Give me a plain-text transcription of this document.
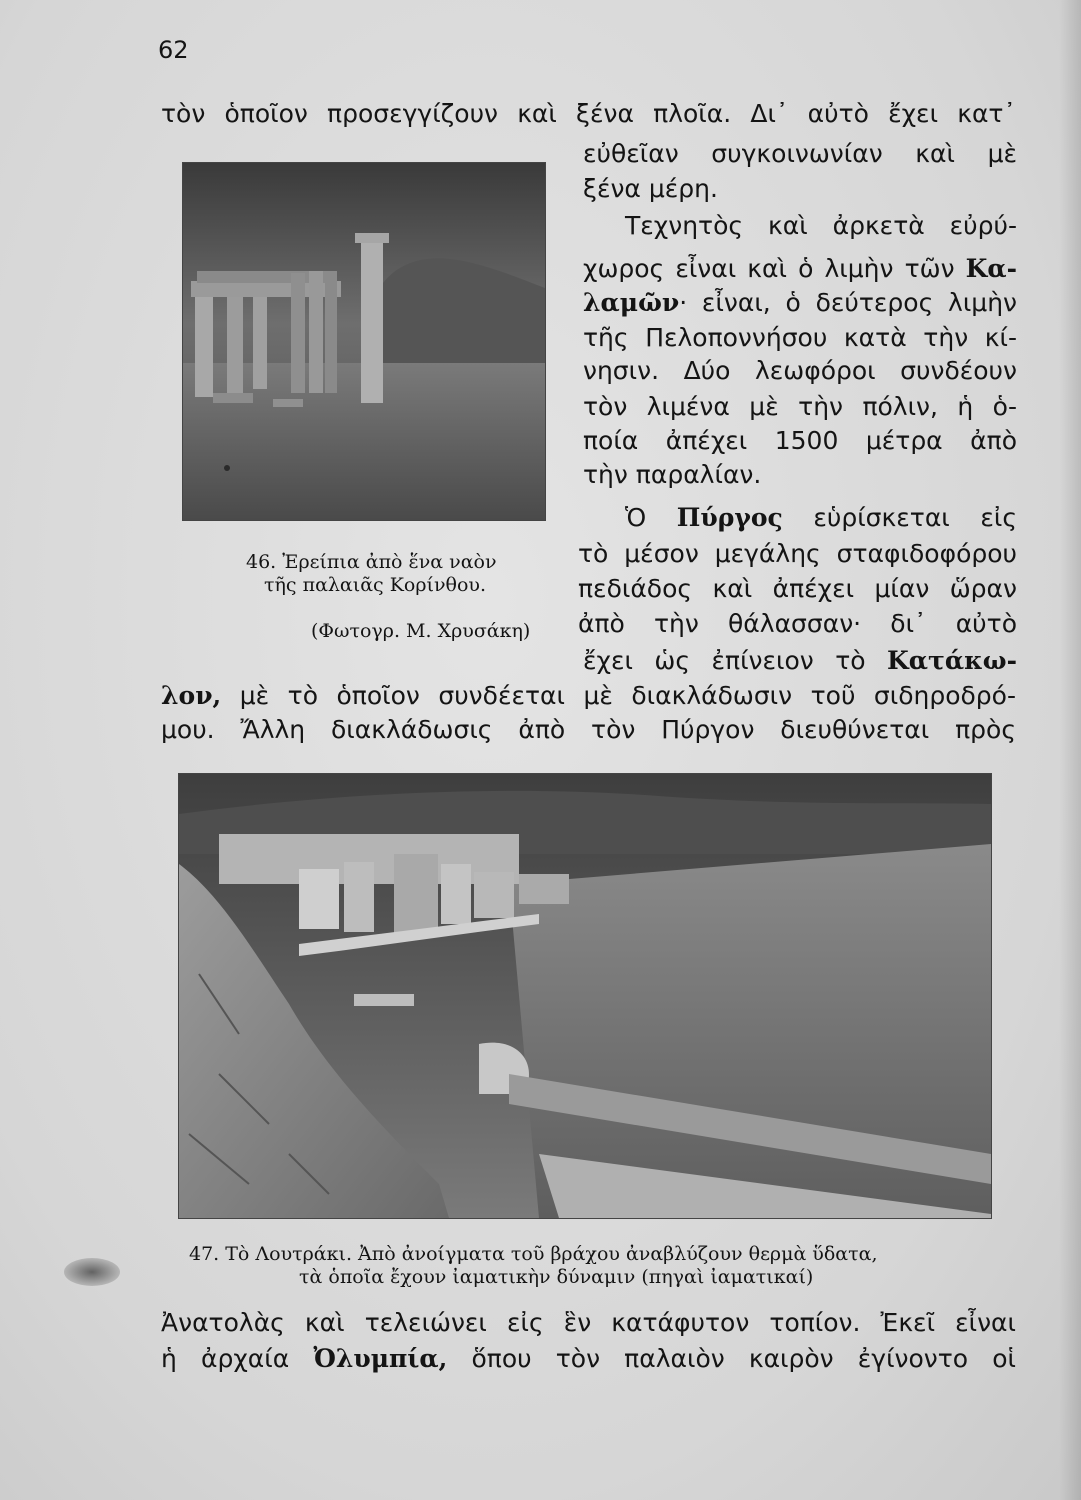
62
τὸν ὁποῖον προσεγγίζουν καὶ ξένα πλοῖα. Δι᾽ αὐτὸ ἔχει κατ᾽
εὐθεῖαν συγκοινωνίαν καὶ μὲ
ξένα μέρη.
Τεχνητὸς καὶ ἀρκετὰ εὐρύ-
χωρος εἶναι καὶ ὁ λιμὴν τῶν Κα-
λαμῶν· εἶναι, ὁ δεύτερος λιμὴν
τῆς Πελοποννήσου κατὰ τὴν κί-
νησιν. Δύο λεωφόροι συνδέουν
τὸν λιμένα μὲ τὴν πόλιν, ἡ ὁ-
ποία ἀπέχει 1500 μέτρα ἀπὸ
τὴν παραλίαν.
Ὁ Πύργος εὑρίσκεται εἰς
46. Ἐρείπια ἀπὸ ἕνα ναὸν
τῆς παλαιᾶς Κορίνθου.
(Φωτογρ. Μ. Χρυσάκη)
τὸ μέσον μεγάλης σταφιδοφόρου
πεδιάδος καὶ ἀπέχει μίαν ὥραν
ἀπὸ τὴν θάλασσαν· δι᾽ αὐτὸ
ἔχει ὡς ἐπίνειον τὸ Κατάκω-
λον, μὲ τὸ ὁποῖον συνδέεται μὲ διακλάδωσιν τοῦ σιδηροδρό-
μου. Ἄλλη διακλάδωσις ἀπὸ τὸν Πύργον διευθύνεται πρὸς
47. Τὸ Λουτράκι. Ἀπὸ ἀνοίγματα τοῦ βράχου ἀναβλύζουν θερμὰ ὕδατα,
τὰ ὁποῖα ἔχουν ἰαματικὴν δύναμιν (πηγαὶ ἰαματικαί)
Ἀνατολὰς καὶ τελειώνει εἰς ἓν κατάφυτον τοπίον. Ἐκεῖ εἶναι
ἡ ἀρχαία Ὀλυμπία, ὅπου τὸν παλαιὸν καιρὸν ἐγίνοντο οἱ
